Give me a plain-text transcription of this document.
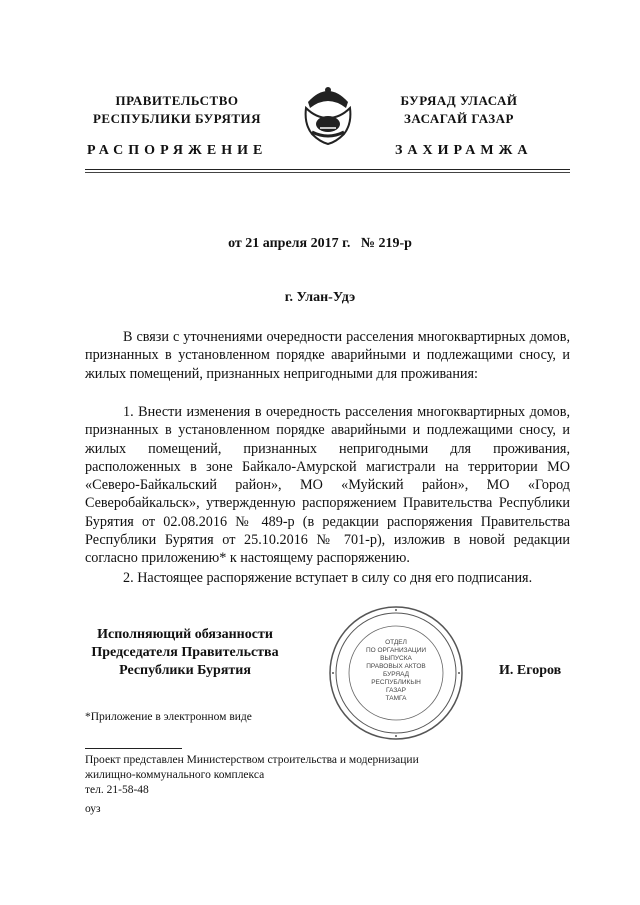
ПРАВИТЕЛЬСТВО
РЕСПУБЛИКИ БУРЯТИЯ
БУРЯАД УЛАСАЙ
ЗАСАГАЙ ГАЗАР
РАСПОРЯЖЕНИЕ	ЗАХИРАМЖА
от 21 апреля 2017 г.   № 219-р
г. Улан-Удэ
В связи с уточнениями очередности расселения многоквартирных домов, признанных в установленном порядке аварийными и подлежащими сносу, и жилых помещений, признанных непригодными для проживания:
1. Внести изменения в очередность расселения многоквартирных домов, признанных в установленном порядке аварийными и подлежащими сносу, и жилых помещений, признанных непригодными для проживания, расположенных в зоне Байкало-Амурской магистрали на территории МО «Северо-Байкальский район», МО «Муйский район», МО «Город Северобайкальск», утвержденную распоряжением Правительства Республики Бурятия от 02.08.2016 № 489-р (в редакции распоряжения Правительства Республики Бурятия от 25.10.2016 № 701-р), изложив в новой редакции согласно приложению* к настоящему распоряжению.
2. Настоящее распоряжение вступает в силу со дня его подписания.
Исполняющий обязанности
Председателя Правительства
Республики Бурятия	И. Егоров
ОТДЕЛ
ПО ОРГАНИЗАЦИИ
ВЫПУСКА
ПРАВОВЫХ АКТОВ
БУРЯАД
РЕСПУБЛИКЫН
ГАЗАР
ТАМГА
*Приложение в электронном виде
Проект представлен Министерством строительства и модернизации
жилищно-коммунального комплекса
тел. 21-58-48
оуз
